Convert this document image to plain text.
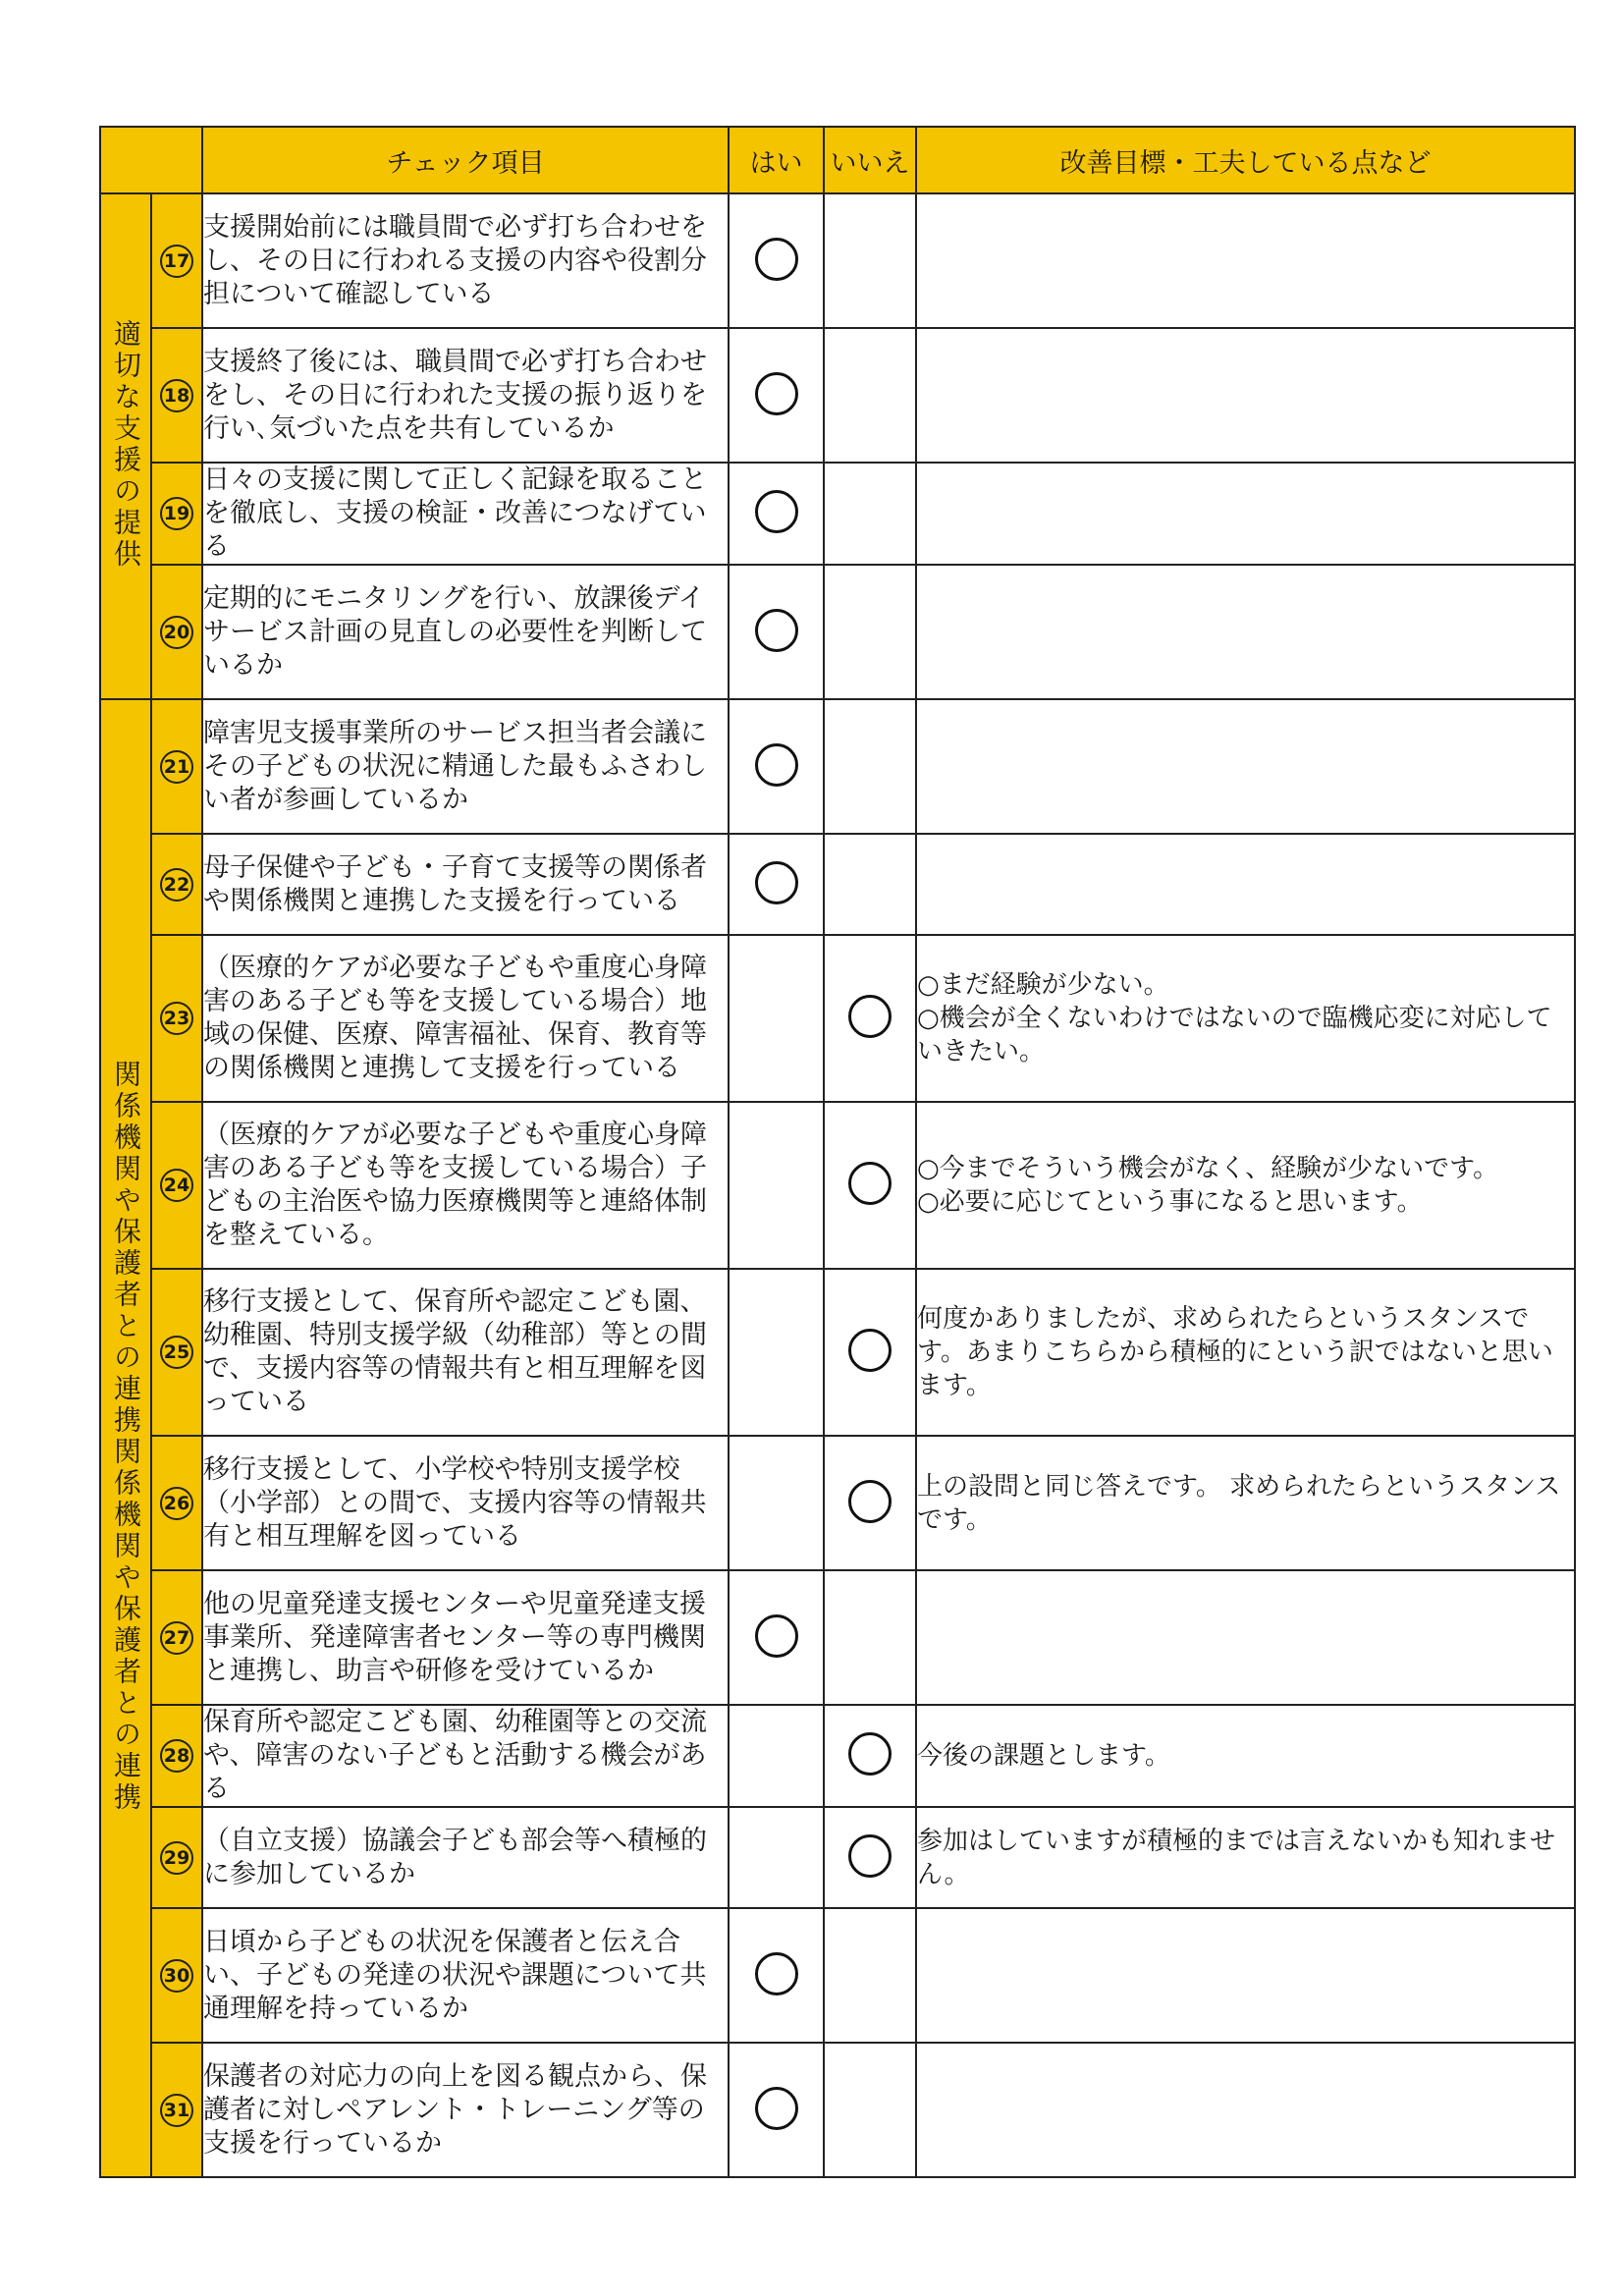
		チェック項目	はい	いいえ	改善目標・工夫している点など
適切な支援の提供	17	支援開始前には職員間で必ず打ち合わせをし、その日に行われる支援の内容や役割分担について確認している			
	18	支援終了後には、職員間で必ず打ち合わせをし、その日に行われた支援の振り返りを行い､気づいた点を共有しているか			
	19	日々の支援に関して正しく記録を取ることを徹底し、支援の検証・改善につなげている			
	20	定期的にモニタリングを行い、放課後デイサービス計画の見直しの必要性を判断しているか			
関係機関や保護者との連携関係機関や保護者との連携	21	障害児支援事業所のサービス担当者会議にその子どもの状況に精通した最もふさわしい者が参画しているか			
	22	母子保健や子ども・子育て支援等の関係者や関係機関と連携した支援を行っている			
	23	（医療的ケアが必要な子どもや重度心身障害のある子ども等を支援している場合）地域の保健、医療、障害福祉、保育、教育等の関係機関と連携して支援を行っている			○まだ経験が少ない。
○機会が全くないわけではないので臨機応変に対応していきたい。
	24	（医療的ケアが必要な子どもや重度心身障害のある子ども等を支援している場合）子どもの主治医や協力医療機関等と連絡体制を整えている。			○今までそういう機会がなく、経験が少ないです。
○必要に応じてという事になると思います。
	25	移行支援として、保育所や認定こども園、幼稚園、特別支援学級（幼稚部）等との間で、支援内容等の情報共有と相互理解を図っている			何度かありましたが、求められたらというスタンスです。あまりこちらから積極的にという訳ではないと思います。
	26	移行支援として、小学校や特別支援学校（小学部）との間で、支援内容等の情報共有と相互理解を図っている			上の設問と同じ答えです。 求められたらというスタンスです。
	27	他の児童発達支援センターや児童発達支援事業所、発達障害者センター等の専門機関と連携し、助言や研修を受けているか			
	28	保育所や認定こども園、幼稚園等との交流や、障害のない子どもと活動する機会がある			今後の課題とします。
	29	（自立支援）協議会子ども部会等へ積極的に参加しているか			参加はしていますが積極的までは言えないかも知れません。
	30	日頃から子どもの状況を保護者と伝え合い、子どもの発達の状況や課題について共通理解を持っているか			
	31	保護者の対応力の向上を図る観点から、保護者に対しペアレント・トレーニング等の支援を行っているか			
